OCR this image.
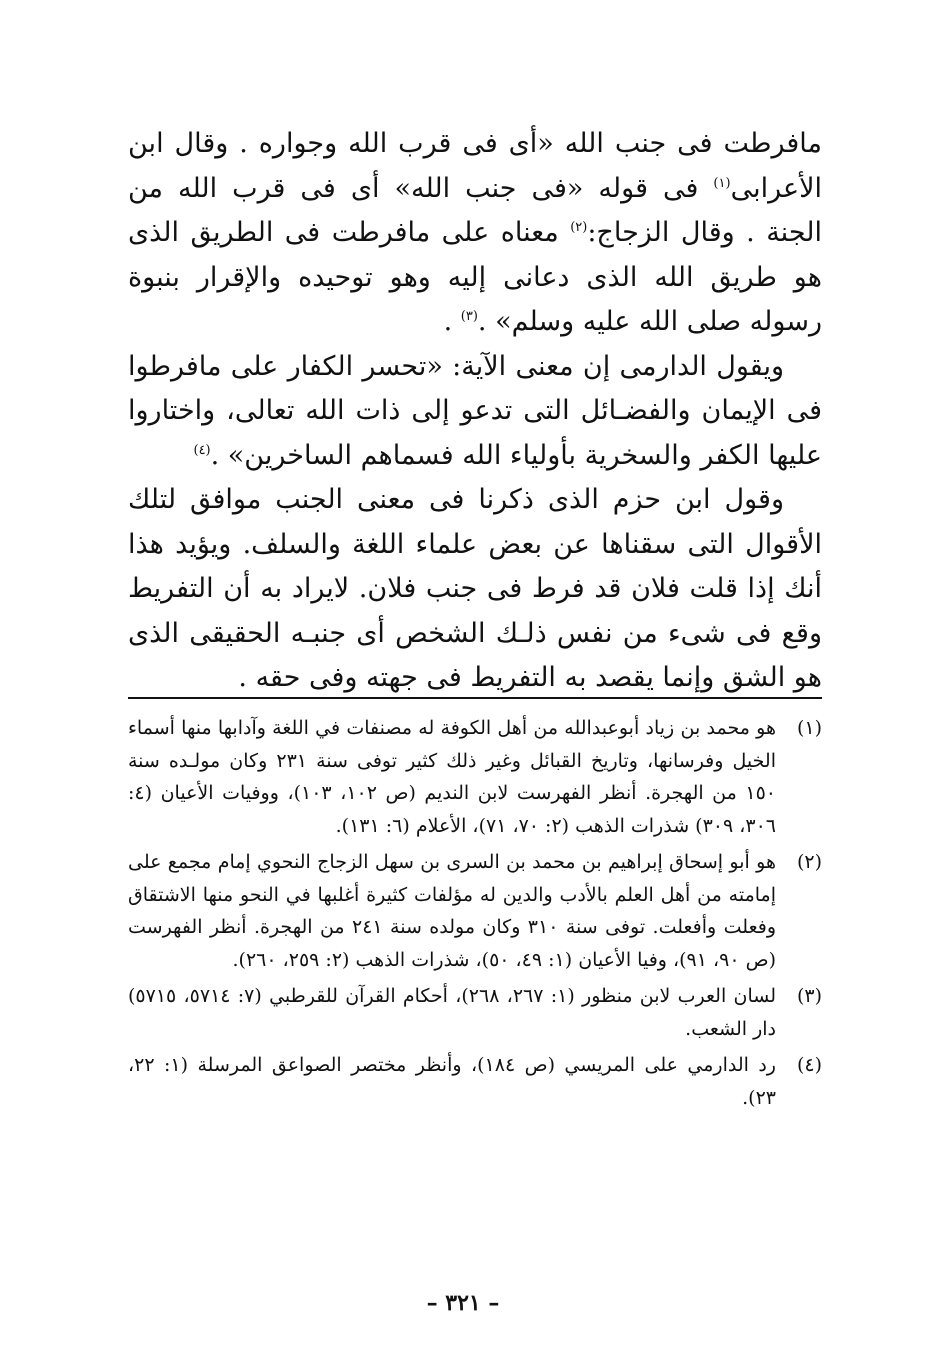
مافرطت فى جنب الله «أى فى قرب الله وجواره . وقال ابن الأعرابى$^{(١)}$ فى قوله «فى جنب الله» أى فى قرب الله من الجنة . وقال الزجاج:$^{(٢)}$ معناه على مافرطت فى الطريق الذى هو طريق الله الذى دعانى إليه وهو توحيده والإقرار بنبوة رسوله صلى الله عليه وسلم» .$^{(٣)}$ .

ويقول الدارمى إن معنى الآية: «تحسر الكفار على مافرطوا فى الإيمان والفضـائل التى تدعو إلى ذات الله تعالى، واختاروا عليها الكفر والسخرية بأولياء الله فسماهم الساخرين» .$^{(٤)}$

وقول ابن حزم الذى ذكرنا فى معنى الجنب موافق لتلك الأقوال التى سقناها عن بعض علماء اللغة والسلف. ويؤيد هذا أنك إذا قلت فلان قد فرط فى جنب فلان. لايراد به أن التفريط وقع فى شىء من نفس ذلـك الشخص أى جنبـه الحقيقى الذى هو الشق وإنما يقصد به التفريط فى جهته وفى حقه .

(١)
هو محمد بن زياد أبوعبدالله من أهل الكوفة له مصنفات في اللغة وآدابها منها أسماء الخيل وفرسانها، وتاريخ القبائل وغير ذلك كثير توفى سنة ٢٣١ وكان مولـده سنة ١٥٠ من الهجرة. أنظر الفهرست لابن النديم (ص ١٠٢، ١٠٣)، ووفيات الأعيان (٤: ٣٠٦، ٣٠٩) شذرات الذهب (٢: ٧٠، ٧١)، الأعلام (٦: ١٣١).
(٢)
هو أبو إسحاق إبراهيم بن محمد بن السرى بن سهل الزجاج النحوي إمام مجمع على إمامته من أهل العلم بالأدب والدين له مؤلفات كثيرة أغلبها في النحو منها الاشتقاق وفعلت وأفعلت. توفى سنة ٣١٠ وكان مولده سنة ٢٤١ من الهجرة. أنظر الفهرست (ص ٩٠، ٩١)، وفيا الأعيان (١: ٤٩، ٥٠)، شذرات الذهب (٢: ٢٥٩، ٢٦٠).
(٣)
لسان العرب لابن منظور (١: ٢٦٧، ٢٦٨)، أحكام القرآن للقرطبي (٧: ٥٧١٤، ٥٧١٥) دار الشعب.
(٤)
رد الدارمي على المريسي (ص ١٨٤)، وأنظر مختصر الصواعق المرسلة (١: ٢٢، ٢٣).
– ٣٢١ –
